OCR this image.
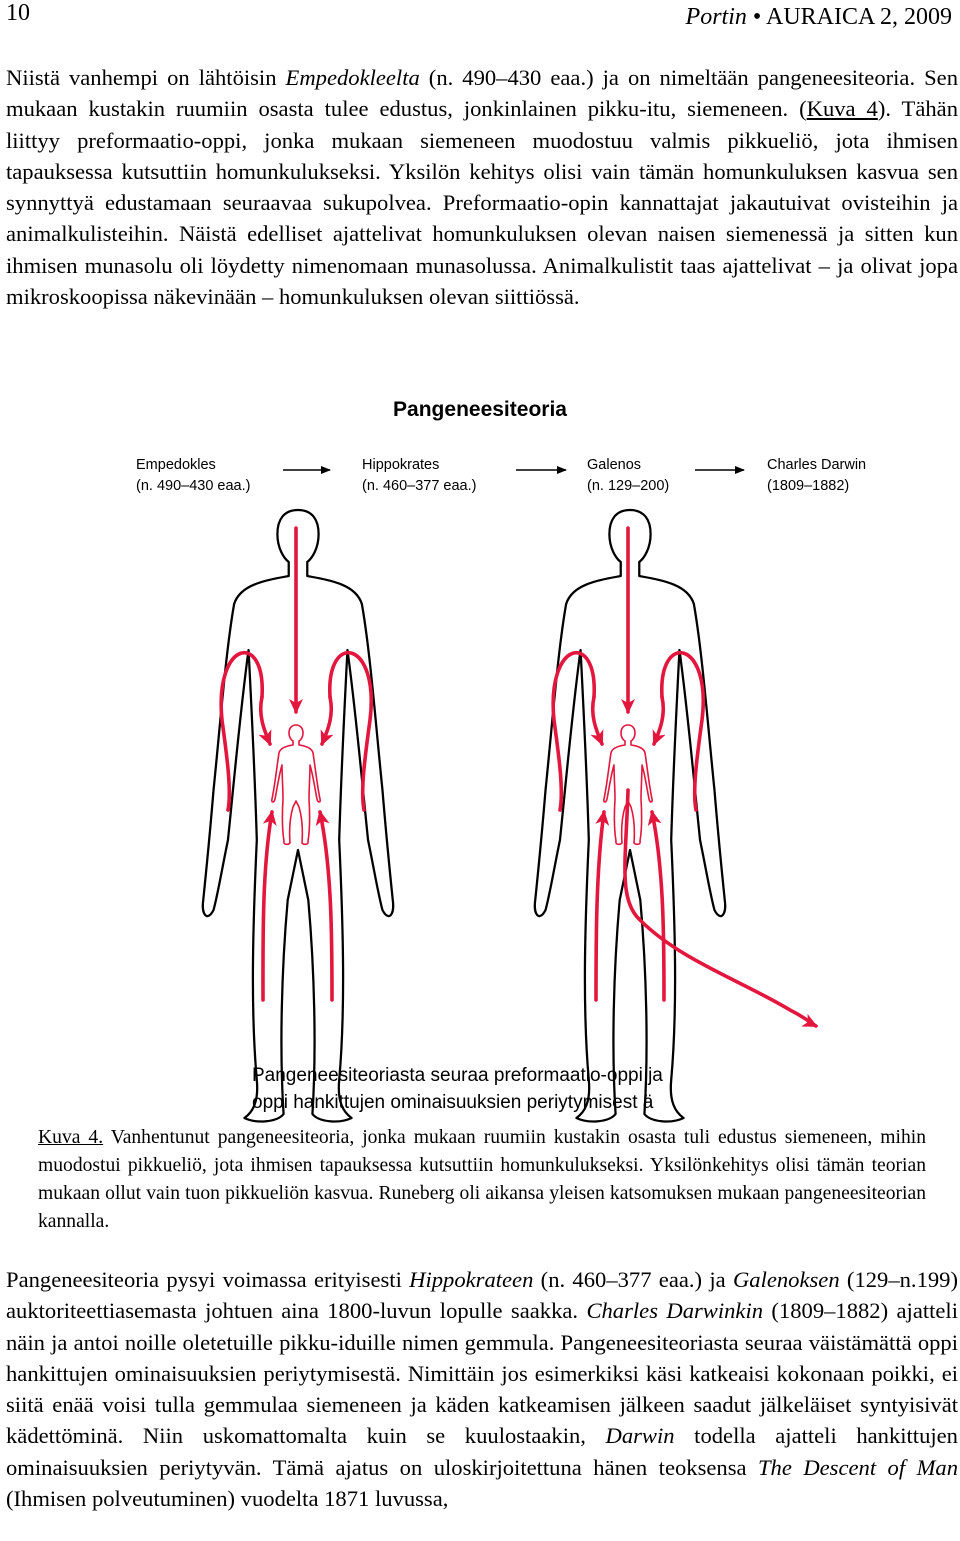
10	Portin • AURAICA 2, 2009

Niistä vanhempi on lähtöisin Empedokleelta (n. 490–430 eaa.) ja on nimeltään pangeneesiteoria. Sen mukaan kustakin ruumiin osasta tulee edustus, jonkinlainen pikku-itu, siemeneen. (Kuva 4). Tähän liittyy preformaatio-oppi, jonka mukaan siemeneen muodostuu valmis pikkueliö, jota ihmisen tapauksessa kutsuttiin homunkulukseksi. Yksilön kehitys olisi vain tämän homunkuluksen kasvua sen synnyttyä edustamaan seuraavaa sukupolvea. Preformaatio-opin kannattajat jakautuivat ovisteihin ja animalkulisteihin. Näistä edelliset ajattelivat homunkuluksen olevan naisen siemenessä ja sitten kun ihmisen munasolu oli löydetty nimenomaan munasolussa. Animalkulistit taas ajattelivat – ja olivat jopa mikroskoopissa näkevinään – homunkuluksen olevan siittiössä.

Pangeneesiteoria
Empedokles
(n. 490–430 eaa.)
Hippokrates
(n. 460–377 eaa.)
Galenos
(n. 129–200)
Charles Darwin
(1809–1882)
Pangeneesiteoriasta seuraa preformaatio-oppi ja
oppi hankittujen ominaisuuksien periytymisest ä

Kuva 4. Vanhentunut pangeneesiteoria, jonka mukaan ruumiin kustakin osasta tuli edustus siemeneen, mihin muodostui pikkueliö, jota ihmisen tapauksessa kutsuttiin homunkulukseksi. Yksilönkehitys olisi tämän teorian mukaan ollut vain tuon pikkueliön kasvua. Runeberg oli aikansa yleisen katsomuksen mukaan pangeneesiteorian kannalla.

Pangeneesiteoria pysyi voimassa erityisesti Hippokrateen (n. 460–377 eaa.) ja Galenoksen (129–n.199) auktoriteettiasemasta johtuen aina 1800-luvun lopulle saakka. Charles Darwinkin (1809–1882) ajatteli näin ja antoi noille oletetuille pikku-iduille nimen gemmula. Pangeneesiteoriasta seuraa väistämättä oppi hankittujen ominaisuuksien periytymisestä. Nimittäin jos esimerkiksi käsi katkeaisi kokonaan poikki, ei siitä enää voisi tulla gemmulaa siemeneen ja käden katkeamisen jälkeen saadut jälkeläiset syntyisivät kädettöminä. Niin uskomattomalta kuin se kuulostaakin, Darwin todella ajatteli hankittujen ominaisuuksien periytyvän. Tämä ajatus on uloskirjoitettuna hänen teoksensa The Descent of Man (Ihmisen polveutuminen) vuodelta 1871 luvussa,
